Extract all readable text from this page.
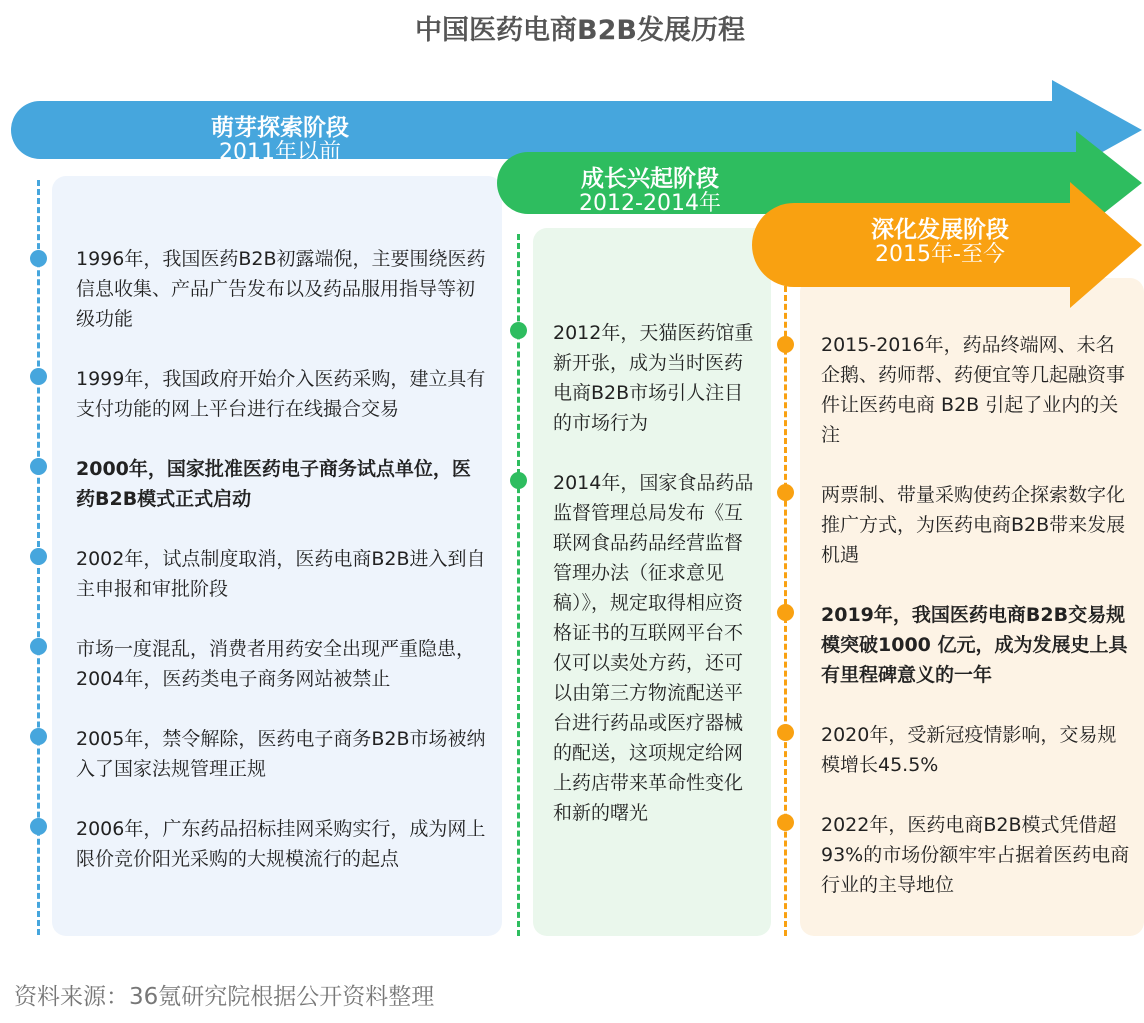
中国医药电商B2B发展历程
萌芽探索阶段
2011年以前
成长兴起阶段
2012-2014年
深化发展阶段
2015年-至今
1996年，我国医药B2B初露端倪，主要围绕医药信息收集、产品广告发布以及药品服用指导等初级功能
1999年，我国政府开始介入医药采购，建立具有支付功能的网上平台进行在线撮合交易
2000年，国家批准医药电子商务试点单位，医药B2B模式正式启动
2002年，试点制度取消，医药电商B2B进入到自主申报和审批阶段
市场一度混乱，消费者用药安全出现严重隐患，2004年，医药类电子商务网站被禁止
2005年，禁令解除，医药电子商务B2B市场被纳入了国家法规管理正规
2006年，广东药品招标挂网采购实行，成为网上限价竞价阳光采购的大规模流行的起点
2012年，天猫医药馆重新开张，成为当时医药电商B2B市场引人注目的市场行为
2014年，国家食品药品监督管理总局发布《互联网食品药品经营监督管理办法（征求意见稿）》，规定取得相应资格证书的互联网平台不仅可以卖处方药，还可以由第三方物流配送平台进行药品或医疗器械的配送，这项规定给网上药店带来革命性变化和新的曙光
2015-2016年，药品终端网、未名企鹅、药师帮、药便宜等几起融资事件让医药电商 B2B 引起了业内的关注
两票制、带量采购使药企探索数字化推广方式，为医药电商B2B带来发展机遇
2019年，我国医药电商B2B交易规模突破1000 亿元，成为发展史上具有里程碑意义的一年
2020年，受新冠疫情影响，交易规模增长45.5%
2022年，医药电商B2B模式凭借超93%的市场份额牢牢占据着医药电商行业的主导地位
资料来源：36氪研究院根据公开资料整理
